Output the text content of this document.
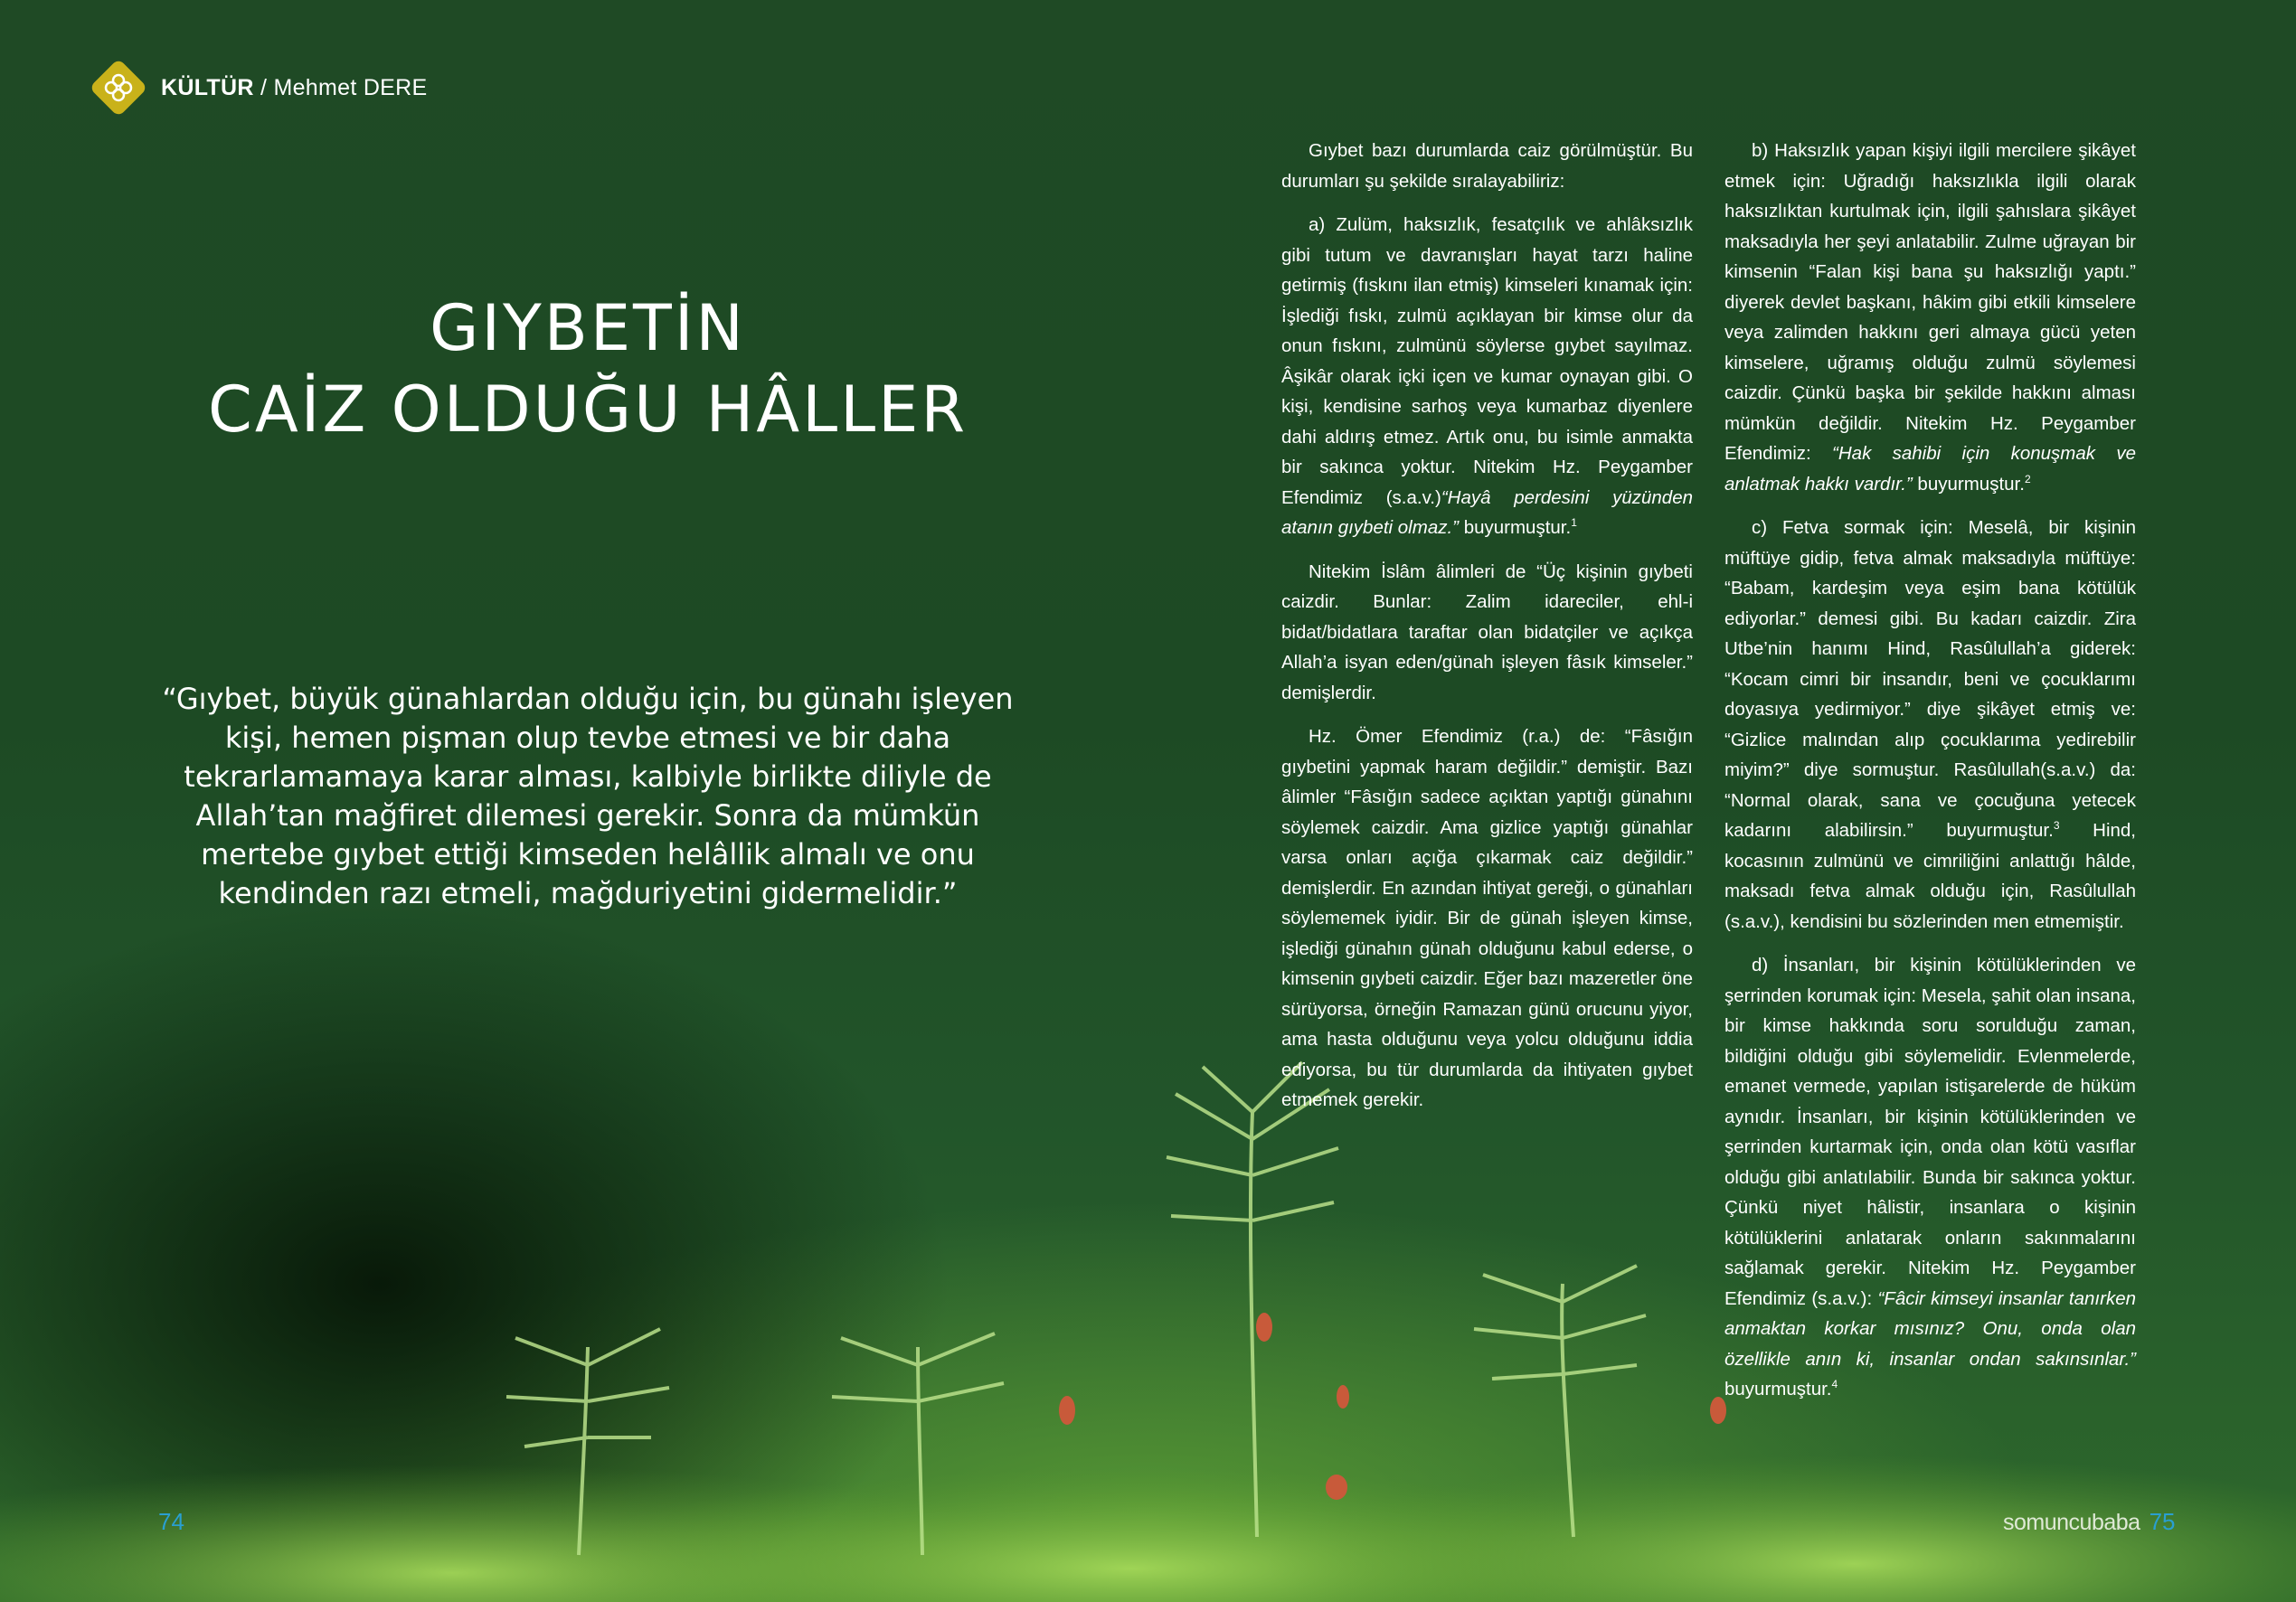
KÜLTÜR / Mehmet DERE
GIYBETİN
CAİZ OLDUĞU HÂLLER

“Gıybet, büyük günahlardan olduğu için, bu günahı işleyen kişi, hemen pişman olup tevbe etmesi ve bir daha tekrarlamamaya karar alması, kalbiyle birlikte diliyle de Allah’tan mağfiret dilemesi gerekir. Sonra da mümkün mertebe gıybet ettiği kimseden helâllik almalı ve onu kendinden razı etmeli, mağduriyetini gidermelidir.”

Gıybet bazı durumlarda caiz görülmüştür. Bu durumları şu şekilde sıralayabiliriz:

a) Zulüm, haksızlık, fesatçılık ve ahlâksızlık gibi tutum ve davranışları hayat tarzı haline getirmiş (fıskını ilan etmiş) kimseleri kınamak için: İşlediği fıskı, zulmü açıklayan bir kimse olur da onun fıskını, zulmünü söylerse gıybet sayılmaz. Âşikâr olarak içki içen ve kumar oynayan gibi. O kişi, kendisine sarhoş veya kumarbaz diyenlere dahi aldırış etmez. Artık onu, bu isimle anmakta bir sakınca yoktur. Nitekim Hz. Peygamber Efendimiz (s.a.v.)“Hayâ perdesini yüzünden atanın gıybeti olmaz.” buyurmuştur.$^1$

Nitekim İslâm âlimleri de “Üç kişinin gıybeti caizdir. Bunlar: Zalim idareciler, ehl-i bidat/bidatlara taraftar olan bidatçiler ve açıkça Allah’a isyan eden/günah işleyen fâsık kimseler.” demişlerdir.

Hz. Ömer Efendimiz (r.a.) de: “Fâsığın gıybetini yapmak haram değildir.” demiştir. Bazı âlimler “Fâsığın sadece açıktan yaptığı günahını söylemek caizdir. Ama gizlice yaptığı günahlar varsa onları açığa çıkarmak caiz değildir.” demişlerdir. En azından ihtiyat gereği, o günahları söylememek iyidir. Bir de günah işleyen kimse, işlediği günahın günah olduğunu kabul ederse, o kimsenin gıybeti caizdir. Eğer bazı mazeretler öne sürüyorsa, örneğin Ramazan günü orucunu yiyor, ama hasta olduğunu veya yolcu olduğunu iddia ediyorsa, bu tür durumlarda da ihtiyaten gıybet etmemek gerekir.

b) Haksızlık yapan kişiyi ilgili mercilere şikâyet etmek için: Uğradığı haksızlıkla ilgili olarak haksızlıktan kurtulmak için, ilgili şahıslara şikâyet maksadıyla her şeyi anlatabilir. Zulme uğrayan bir kimsenin “Falan kişi bana şu haksızlığı yaptı.” diyerek devlet başkanı, hâkim gibi etkili kimselere veya zalimden hakkını geri almaya gücü yeten kimselere, uğramış olduğu zulmü söylemesi caizdir. Çünkü başka bir şekilde hakkını alması mümkün değildir. Nitekim Hz. Peygamber Efendimiz: “Hak sahibi için konuşmak ve anlatmak hakkı vardır.” buyurmuştur.$^2$

c) Fetva sormak için: Meselâ, bir kişinin müftüye gidip, fetva almak maksadıyla müftüye: “Babam, kardeşim veya eşim bana kötülük ediyorlar.” demesi gibi. Bu kadarı caizdir. Zira Utbe’nin hanımı Hind, Rasûlullah’a giderek: “Kocam cimri bir insandır, beni ve çocuklarımı doyasıya yedirmiyor.” diye şikâyet etmiş ve: “Gizlice malından alıp çocuklarıma yedirebilir miyim?” diye sormuştur. Rasûlullah(s.a.v.) da: “Normal olarak, sana ve çocuğuna yetecek kadarını alabilirsin.” buyurmuştur.$^3$ Hind, kocasının zulmünü ve cimriliğini anlattığı hâlde, maksadı fetva almak olduğu için, Rasûlullah (s.a.v.), kendisini bu sözlerinden men etmemiştir.

d) İnsanları, bir kişinin kötülüklerinden ve şerrinden korumak için: Mesela, şahit olan insana, bir kimse hakkında soru sorulduğu zaman, bildiğini olduğu gibi söylemelidir. Evlenmelerde, emanet vermede, yapılan istişarelerde de hüküm aynıdır. İnsanları, bir kişinin kötülüklerinden ve şerrinden kurtarmak için, onda olan kötü vasıflar olduğu gibi anlatılabilir. Bunda bir sakınca yoktur. Çünkü niyet hâlistir, insanlara o kişinin kötülüklerini anlatarak onların sakınmalarını sağlamak gerekir. Nitekim Hz. Peygamber Efendimiz (s.a.v.): “Fâcir kimseyi insanlar tanırken anmaktan korkar mısınız? Onu, onda olan özellikle anın ki, insanlar ondan sakınsınlar.” buyurmuştur.$^4$

74	somuncubaba 75
